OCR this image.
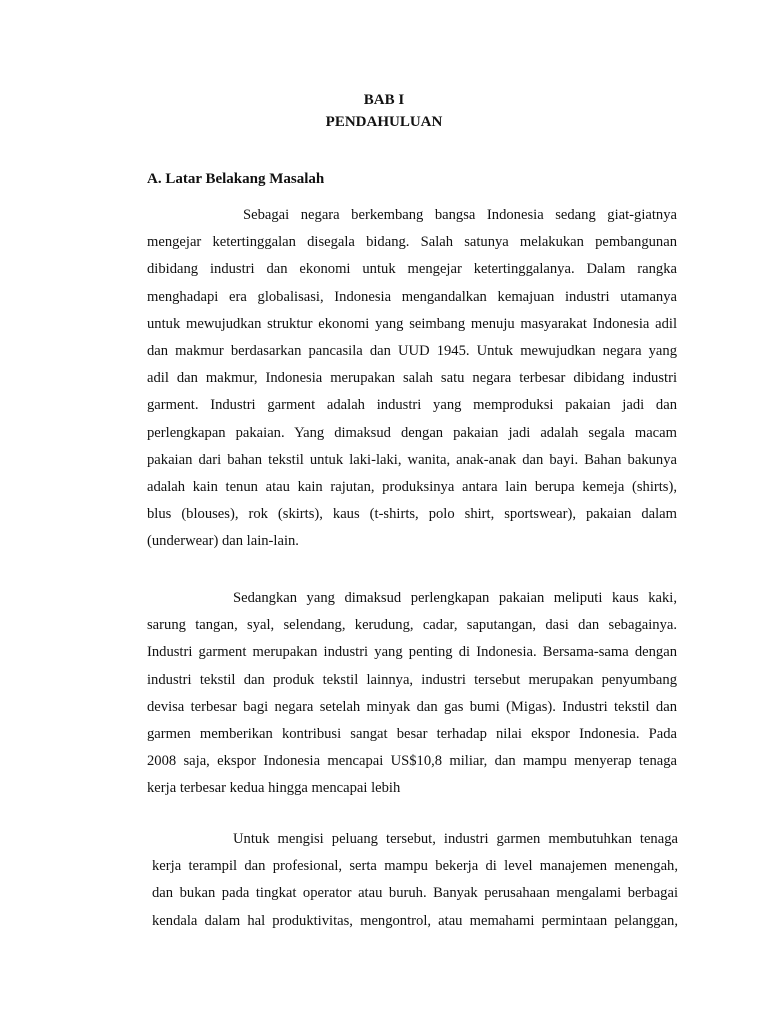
BAB I
PENDAHULUAN
A. Latar Belakang Masalah
Sebagai negara berkembang bangsa Indonesia sedang giat-giatnya
mengejar ketertinggalan disegala bidang. Salah satunya melakukan pembangunan
dibidang industri dan ekonomi untuk mengejar ketertinggalanya. Dalam rangka
menghadapi era globalisasi, Indonesia mengandalkan kemajuan industri utamanya
untuk mewujudkan struktur ekonomi yang seimbang menuju masyarakat Indonesia adil
dan makmur berdasarkan pancasila dan UUD 1945. Untuk mewujudkan negara yang
adil dan makmur, Indonesia merupakan salah satu negara terbesar dibidang industri
garment. Industri garment adalah industri yang memproduksi pakaian jadi dan
perlengkapan pakaian. Yang dimaksud dengan pakaian jadi adalah segala macam
pakaian dari bahan tekstil untuk laki-laki, wanita, anak-anak dan bayi. Bahan bakunya
adalah kain tenun atau kain rajutan, produksinya antara lain berupa kemeja (shirts),
blus (blouses), rok (skirts), kaus (t-shirts, polo shirt, sportswear), pakaian dalam
(underwear) dan lain-lain.
Sedangkan yang dimaksud perlengkapan pakaian meliputi kaus kaki,
sarung tangan, syal, selendang, kerudung, cadar, saputangan, dasi dan sebagainya.
Industri garment merupakan industri yang penting di Indonesia. Bersama-sama dengan
industri tekstil dan produk tekstil lainnya, industri tersebut merupakan penyumbang
devisa terbesar bagi negara setelah minyak dan gas bumi (Migas). Industri tekstil dan
garmen memberikan kontribusi sangat besar terhadap nilai ekspor Indonesia. Pada
2008 saja, ekspor Indonesia mencapai US$10,8 miliar, dan mampu menyerap tenaga
kerja terbesar kedua hingga mencapai lebih
Untuk mengisi peluang tersebut, industri garmen membutuhkan tenaga
kerja terampil dan profesional, serta mampu bekerja di level manajemen menengah,
dan bukan pada tingkat operator atau buruh. Banyak perusahaan mengalami berbagai
kendala dalam hal produktivitas, mengontrol, atau memahami permintaan pelanggan,
